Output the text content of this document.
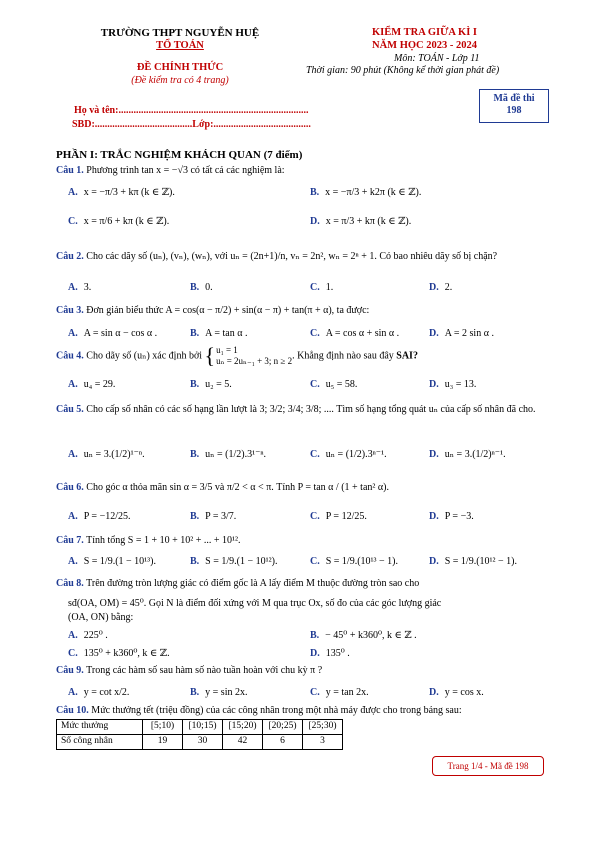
TRƯỜNG THPT NGUYỄN HUỆ
TỔ TOÁN
ĐỀ CHÍNH THỨC
(Đề kiểm tra có 4 trang)
KIỂM TRA GIỮA KÌ I
NĂM HỌC 2023 - 2024
Môn: TOÁN - Lớp 11
Thời gian: 90 phút (Không kể thời gian phát đề)
Họ và tên:............................................................................
SBD:.......................................Lớp:.......................................
Mã đề thi
198
PHẦN I: TRẮC NGHIỆM KHÁCH QUAN (7 điểm)
Câu 1. Phương trình tan x = −√3 có tất cả các nghiệm là:
A. x = −π/3 + kπ (k ∈ ℤ).	B. x = −π/3 + k2π (k ∈ ℤ).
C. x = π/6 + kπ (k ∈ ℤ).	D. x = π/3 + kπ (k ∈ ℤ).
Câu 2. Cho các dãy số (uₙ), (vₙ), (wₙ), với uₙ = (2n+1)/n, vₙ = 2n², wₙ = 2ⁿ + 1. Có bao nhiêu dãy số bị chặn?
A. 3.	B. 0.	C. 1.	D. 2.
Câu 3. Đơn giản biểu thức A = cos(α − π/2) + sin(α − π) + tan(π + α), ta được:
A. A = sin α − cos α .	B. A = tan α .	C. A = cos α + sin α .	D. A = 2 sin α .
Câu 4. Cho dãy số (uₙ) xác định bởi { u₁ = 1
uₙ = 2uₙ₋₁ + 3; n ≥ 2 . Khẳng định nào sau đây SAI?
A. u₄ = 29.	B. u₂ = 5.	C. u₅ = 58.	D. u₃ = 13.
Câu 5. Cho cấp số nhân có các số hạng lần lượt là 3; 3/2; 3/4; 3/8; .... Tìm số hạng tổng quát uₙ của cấp số nhân đã cho.
A. uₙ = 3.(1/2)¹⁻ⁿ.	B. uₙ = (1/2).3¹⁻ⁿ.	C. uₙ = (1/2).3ⁿ⁻¹.	D. uₙ = 3.(1/2)ⁿ⁻¹.
Câu 6. Cho góc α thỏa mãn sin α = 3/5 và π/2 < α < π. Tính P = tan α / (1 + tan² α).
A. P = −12/25.	B. P = 3/7.	C. P = 12/25.	D. P = −3.
Câu 7. Tính tổng S = 1 + 10 + 10² + ... + 10¹².
A. S = 1/9.(1 − 10¹³).	B. S = 1/9.(1 − 10¹²).	C. S = 1/9.(10¹³ − 1).	D. S = 1/9.(10¹² − 1).
Câu 8. Trên đường tròn lượng giác có điểm gốc là A lấy điểm M thuộc đường tròn sao cho
sđ(OA, OM) = 45⁰. Gọi N là điểm đối xứng với M qua trục Ox, số đo của các góc lượng giác
(OA, ON) bằng:
A. 225⁰ .	B. − 45⁰ + k360⁰, k ∈ ℤ .
C. 135⁰ + k360⁰, k ∈ ℤ.	D. 135⁰ .
Câu 9. Trong các hàm số sau hàm số nào tuần hoàn với chu kỳ π ?
A. y = cot x/2.	B. y = sin 2x.	C. y = tan 2x.	D. y = cos x.
Câu 10. Mức thưởng tết (triệu đồng) của các công nhân trong một nhà máy được cho trong bảng sau:
Mức thưởng	[5;10)	[10;15)	[15;20)	[20;25)	[25;30)
Số công nhân	19	30	42	6	3
Trang 1/4 - Mã đề 198
